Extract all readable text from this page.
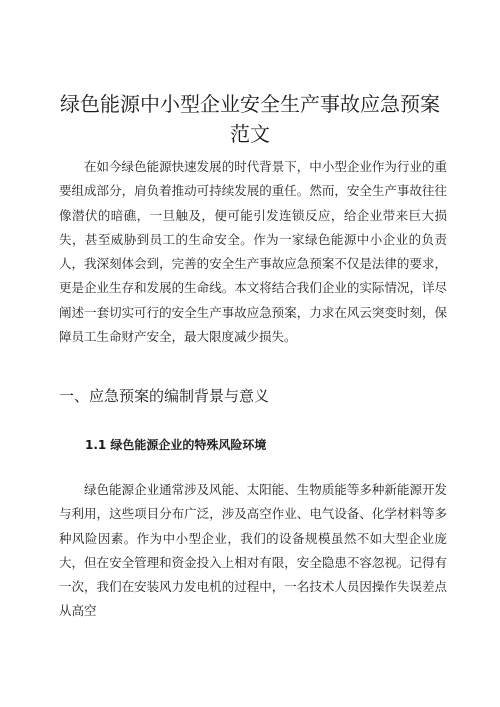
绿色能源中小型企业安全生产事故应急预案
范文

在如今绿色能源快速发展的时代背景下，中小型企业作为行业的重要组成部分，肩负着推动可持续发展的重任。然而，安全生产事故往往像潜伏的暗礁，一旦触及，便可能引发连锁反应，给企业带来巨大损失，甚至威胁到员工的生命安全。作为一家绿色能源中小企业的负责人，我深刻体会到，完善的安全生产事故应急预案不仅是法律的要求，更是企业生存和发展的生命线。本文将结合我们企业的实际情况，详尽阐述一套切实可行的安全生产事故应急预案，力求在风云突变时刻，保障员工生命财产安全，最大限度减少损失。

一、应急预案的编制背景与意义
1.1 绿色能源企业的特殊风险环境

绿色能源企业通常涉及风能、太阳能、生物质能等多种新能源开发与利用，这些项目分布广泛，涉及高空作业、电气设备、化学材料等多种风险因素。作为中小型企业，我们的设备规模虽然不如大型企业庞大，但在安全管理和资金投入上相对有限，安全隐患不容忽视。记得有一次，我们在安装风力发电机的过程中，一名技术人员因操作失误差点从高空
